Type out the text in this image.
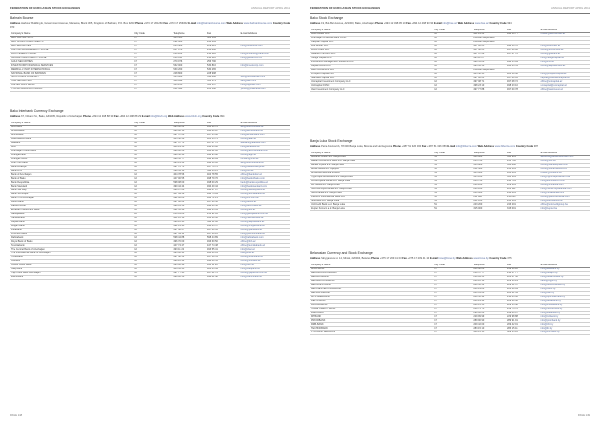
FEDERATION OF EURO-ASIAN STOCK EXCHANGES	ANNUAL REPORT APRIL 2011
Bahrain Bourse
Address Harbour Building E, Government Avenue, Manama, Block 305, Kingdom of Bahrain, P.O. Box 3203 Phone +973 17 261260 Fax +973 17 256362 E-mail info@bahrainbourse.com Web Address www.bahrainbourse.com Country Code 973
Company's Name	City Code	Telephone	Fax	E-mail Address
ABU CAPITAL S.P.C	17	503 565	503 564	
ABU SHAMS INVESTMENTS	17	292 600	292 604	
BBK SECURITIES	17	223 388	229 823	info@bbkonline.com
CAPITAL MANAGEMENT HOUSE	17	207 070	256 800	
FIRST ENERGY BANK	17	210 202	210 220	info@firstenergybank.com
GLOBAL INVESTMENT HOUSE	17	210 011	210 222	info@global.com.bh
GULF SECURITIES	17	270 076	256 790	
INVESTCORP FINANCIAL SERVICES	17	532 000	530 816	info@investcorp.com
MERRILL LYNCH INTERNATIONAL	17	530 260	530 265	
NATIONAL BANK OF BAHRAIN	17	228 800	228 998	
SICO FUNDS COMPANY	17	515 000	514 000	sico@sicobahrain.com
TAIB SECURITIES	17	549 999	533 174	taib@taib.com
UNITED GULF BANK	17	533 233	533 137	info@ugbbah.com
YOUSIF ABDULLA KHALIFA	17	261 444	263 508	yousif@ybakhalifa.com
Baku Interbank Currency Exchange
Address 67, Nizami St., Baku, AZ1005, Republic of Azerbaijan Phone +994 12 498 88 30 Fax +994 12 498 88 29 E-mail info@bbvb.org Web Address www.bbvb.org Country Code 994
Company's Name	City Code	Telephone	Fax	E-mail Address
AFB Bank	12	493 60 02	493 60 76	afb@azerinfobank.az
AccessBank	12	490 80 10	490 80 11	info@accessbank.az
Amrahbank	12	497 57 60	497 55 60	info@amrahbank.com
Asia Alliance Bank	12	465 58 38	465 53 73	office@aab.az
AtaBank	12	497 47 71	497 47 72	atabank@atabank.com
Atra	12	440 29 50	440 23 90	info@atrabank.az
Azerbaijan Credit Bank	12	498 00 28	493 82 92	office@azcreditbank.com
Azerigazbank	12	498 50 40	498 95 98	office@agb.az
Azerigaz-IMKR	12	498 52 77	498 98 89	contact@imkr.az
Azer-Turk Bank	12	493 14 34	498 50 02	atb@azerturkbank.az
Bank Avrasiya	12	497 76 71	497 76 72	info@bankavrasiya.az
Bank BTB	12	598 34 16	598 34 15	info@btb.az
Bank of Azerbaijan	12	404 78 56	404 78 55	office@bankofaz.az
Bank of Baku	12	447 00 55	498 79 76	info@bankofbaku.com
Bank Respublika	12	598 08 00	498 00 29	bank@bankrespublika.az
Bank Standard	12	490 44 44	490 40 44	info@bankstandard.com
Bank Silk Way	12	498 07 00	498 07 07	office@silkwaybank.az
Bank Technique	12	447 49 59	498 74 89	office@texnikabank.az
Bank VTB Azerbaijan	12	492 00 80	492 72 21	info@vtb.com.az
Debut Bank	12	497 60 62	497 60 50	info@debut.az
DEMIR BANK	12	498 01 50	498 06 50	info@demirbank.az
Eurasian Investment Bank	12	491 33 48	498 25 41	office@eib.az
GandjaBank	22	256 91 80	256 91 85	info@gandjabank.com.az
Hamkarbank	12	441 12 10	441 20 42	info@hamkarbank.az
Kapital Bank	12	598 12 95	598 12 96	office@kapitalbank.az
Mugan Bank	12	492 14 93	440 03 57	office@muganbank.az
ParaBank	12	497 40 27	497 40 45	office@parabank.az
Premium Bank	12	497 59 11	497 59 12	info@premiumbank.az
Rabitabank	12	598 44 88	598 44 89	info@rabitabank.com
Royal Bank of Baku	12	496 70 00	496 60 50	office@rbb.az
Texnikabank	12	447 74 47	447 74 48	office@texnikabank.az
The Central Bank of Azerbaijan	12	493 11 22	493 55 41	info@cbar.az
The International Bank of Azerbaijan	12	493 00 91	493 40 91	ibar@ibar.az
TuranBank	12	497 38 52	497 38 51	office@turanbank.az
Unibank	12	498 22 44	498 09 53	office@unibank.az
United Credit Bank	12	493 00 98	493 11 09	info@ucb.az
Xalq Bank	12	404 43 43	404 43 44	info@xalqbank.az
Yapi Kredi Bank Azerbaijan	12	497 77 95	497 02 76	office@yapikredi.com.az
Zaminbank	12	498 82 50	498 82 48	info@zaminbank.az
PAGE 148
FEDERATION OF EURO-ASIAN STOCK EXCHANGES	ANNUAL REPORT APRIL 2011
Baku Stock Exchange
Address 19, Bul-Bul Avenue, AZ1000, Baku, Azerbaijan Phone +994 12 498 95 10 Fax +994 12 498 93 90 E-mail info@bse.az Web Address www.bse.az Country Code 994
Company's Name	City Code	Telephone	Fax	E-mail Address
AGM Broker LLC	12	441 24 24	498 38 77	broker@azeribroker.az
Azerbaijan Financial Bank OJSC	12	License suspended		
Caspian Capital LLC	12	License suspended		
Fed Broker LLC	12	447 06 05	498 56 78	info@fedbroker.az
Fenix Invest LLC	12	447 40 05	447 40 06	office@fenixinvest.az
Guarant Premium LLC	12	447 47 69	447 47 70	office@guarant.az
Hedge Capital LLC	12	495 11 27		info@hedgecapital.az
Investment Management Solutions LLC	12	498 55 88	498 55 89	info@ims.az
Kapital Invest LLC	12	493 43 50	493 43 51	office@kapitalinvest.az
Mars Investment LLC	12	License suspended		
Prospect Capital LLC	12	465 58 45	465 58 46	info@prospectcapital.az
Standard Capital LLC	12	497 00 01	497 00 03	capital@standardcapital.az
Unicapital Investment Company LLC	12	497 08 71	497 08 72	office@unicapital.az
UniCapital OJSC	12	498 23 10	498 23 10	unicapital@unicapital.az
Vast Investment Company LLC	12	497 77 88	497 00 78	office@vastinvest.az
Banja Luka Stock Exchange
Address Petra Kocica bb, 78 000 Banja Luka, Bosnia and Herzegovina Phone +387 51 326 030 Fax +387 51 326 056 E-mail info@blberza.com Web Address www.blberza.com Country Code 387
Company's Name	City Code	Telephone	Fax	E-mail Address
Advantis broker a.d. Banja Luka	51	346 900	346 901	advantis@advantisbroker.com
Balkan Investment Bank a.d. Banja Luka	51	233 700	233 702	office@bib.ba
Banka Srpske a.d. Banja Luka	51	334 888	334 880	office@bankasrpske.com
Bobar banka a.d. Bijeljina	55	232 300	232 301	office@bobarbanka.com
Brokersko-dilerska drustvo	51	433 000	433 001	broker@brokers.ba
Hypo Alpe-Adria-Bank a.d. Banja Luka	51	335 100	335 101	info@hypo-alpe-adria.rs.ba
Komercijalna banka a.d. Banja Luka	51	244 720	244 701	info@kombank-bl.com
MF banka a.d. Banja Luka	51	229 200	229 201	office@mfbanka.com
NLB Razvojna banka a.d. Banja Luka	51	226 100	226 111	info@nlbrazvojnabanka.com
Nova banka a.d. Banja Luka	51	246 000	246 001	info@novabanka.com
Pavlovic International Bank a.d.	55	211 800	211 801	office@pavlovicbanka.com
Sberbank a.d. Banja Luka	51	241 100	241 101	info@sberbankbl.ba
UniCredit Bank a.d. Banja Luka	51	243 200	243 201	office@unicreditgroup.ba
Zepter Komerc a.d. Banja Luka	51	315 000	315 001	info@zepter.ba
Belarusian Currency and Stock Exchange
Address Skryganova st. 14, Minsk, 220004, Belarus Phone +375 17 209 41 03 Fax +375 17 209 41 10 E-mail bcse@bcse.by Web Address www.bcse.by Country Code 375
Company's Name	City Code	Telephone	Fax	E-mail Address
ALFA-BANK	17	200 68 80	299 28 28	info@alfabank.by
BELAGROPROMBANK	17	218 57 77	218 57 77	info@belapb.by
BELARUSBANK	17	218 84 31	226 47 50	info@belarusbank.by
BELGAZPROMBANK	17	229 16 16	229 16 29	bank@bgpb.by
BELINVESTBANK	17	289 32 32	289 32 37	info@belinvestbank.by
BELVNESHEKONOMBANK	17	209 29 80	226 48 09	info@bveb.by
BELSWISSBANK	17	206 61 00	206 61 34	info@bsb.by
BPS-SBERBANK	17	209 52 92	210 03 42	info@bps-sberbank.by
DELTA BANK	17	209 29 44	209 29 40	info@deltabank.by
FRANSABANK	17	289 13 53	289 13 48	info@fransabank.by
HOME CREDIT BANK	17	239 73 73	239 73 70	info@homecredit.by
IDEA BANK	17	299 06 06	299 06 07	info@ideabank.by
MTBANK	17	229 99 99	229 98 88	info@mtbank.by
PRIORBANK	17	289 90 90	289 91 91	info@priorbank.by
RRB-BANK	17	209 42 00	209 42 01	info@rrb.by
TECHNOBANK	17	283 15 10	283 15 11	info@tb.by
VTB BANK BELARUS	17	309 15 15	309 15 16	info@vtb-bank.by
PAGE 149
